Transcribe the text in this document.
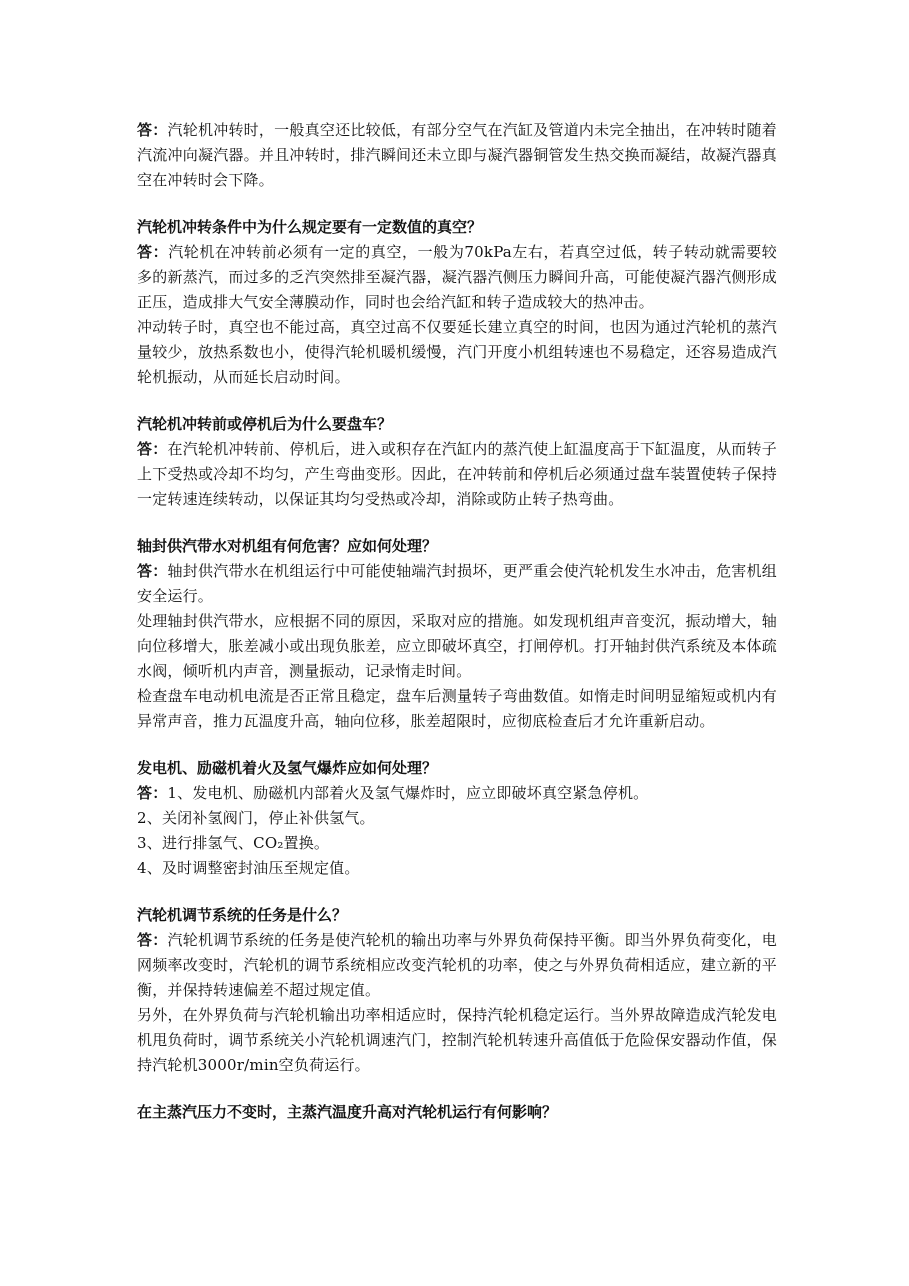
答：汽轮机冲转时，一般真空还比较低，有部分空气在汽缸及管道内未完全抽出，在冲转时随着汽流冲向凝汽器。并且冲转时，排汽瞬间还未立即与凝汽器铜管发生热交换而凝结，故凝汽器真空在冲转时会下降。

汽轮机冲转条件中为什么规定要有一定数值的真空？

答：汽轮机在冲转前必须有一定的真空，一般为70kPa左右，若真空过低，转子转动就需要较多的新蒸汽，而过多的乏汽突然排至凝汽器，凝汽器汽侧压力瞬间升高，可能使凝汽器汽侧形成正压，造成排大气安全薄膜动作，同时也会给汽缸和转子造成较大的热冲击。

冲动转子时，真空也不能过高，真空过高不仅要延长建立真空的时间，也因为通过汽轮机的蒸汽量较少，放热系数也小，使得汽轮机暖机缓慢，汽门开度小机组转速也不易稳定，还容易造成汽轮机振动，从而延长启动时间。

汽轮机冲转前或停机后为什么要盘车？

答：在汽轮机冲转前、停机后，进入或积存在汽缸内的蒸汽使上缸温度高于下缸温度，从而转子上下受热或冷却不均匀，产生弯曲变形。因此，在冲转前和停机后必须通过盘车装置使转子保持一定转速连续转动，以保证其均匀受热或冷却，消除或防止转子热弯曲。

轴封供汽带水对机组有何危害？应如何处理？

答：轴封供汽带水在机组运行中可能使轴端汽封损坏，更严重会使汽轮机发生水冲击，危害机组安全运行。

处理轴封供汽带水，应根据不同的原因，采取对应的措施。如发现机组声音变沉，振动增大，轴向位移增大，胀差减小或出现负胀差，应立即破坏真空，打闸停机。打开轴封供汽系统及本体疏水阀，倾听机内声音，测量振动，记录惰走时间。

检查盘车电动机电流是否正常且稳定，盘车后测量转子弯曲数值。如惰走时间明显缩短或机内有异常声音，推力瓦温度升高，轴向位移，胀差超限时，应彻底检查后才允许重新启动。

发电机、励磁机着火及氢气爆炸应如何处理？

答：1、发电机、励磁机内部着火及氢气爆炸时，应立即破坏真空紧急停机。

2、关闭补氢阀门，停止补供氢气。

3、进行排氢气、CO₂置换。

4、及时调整密封油压至规定值。

汽轮机调节系统的任务是什么？

答：汽轮机调节系统的任务是使汽轮机的输出功率与外界负荷保持平衡。即当外界负荷变化，电网频率改变时，汽轮机的调节系统相应改变汽轮机的功率，使之与外界负荷相适应，建立新的平衡，并保持转速偏差不超过规定值。

另外，在外界负荷与汽轮机输出功率相适应时，保持汽轮机稳定运行。当外界故障造成汽轮发电机甩负荷时，调节系统关小汽轮机调速汽门，控制汽轮机转速升高值低于危险保安器动作值，保持汽轮机3000r/min空负荷运行。

在主蒸汽压力不变时，主蒸汽温度升高对汽轮机运行有何影响？
